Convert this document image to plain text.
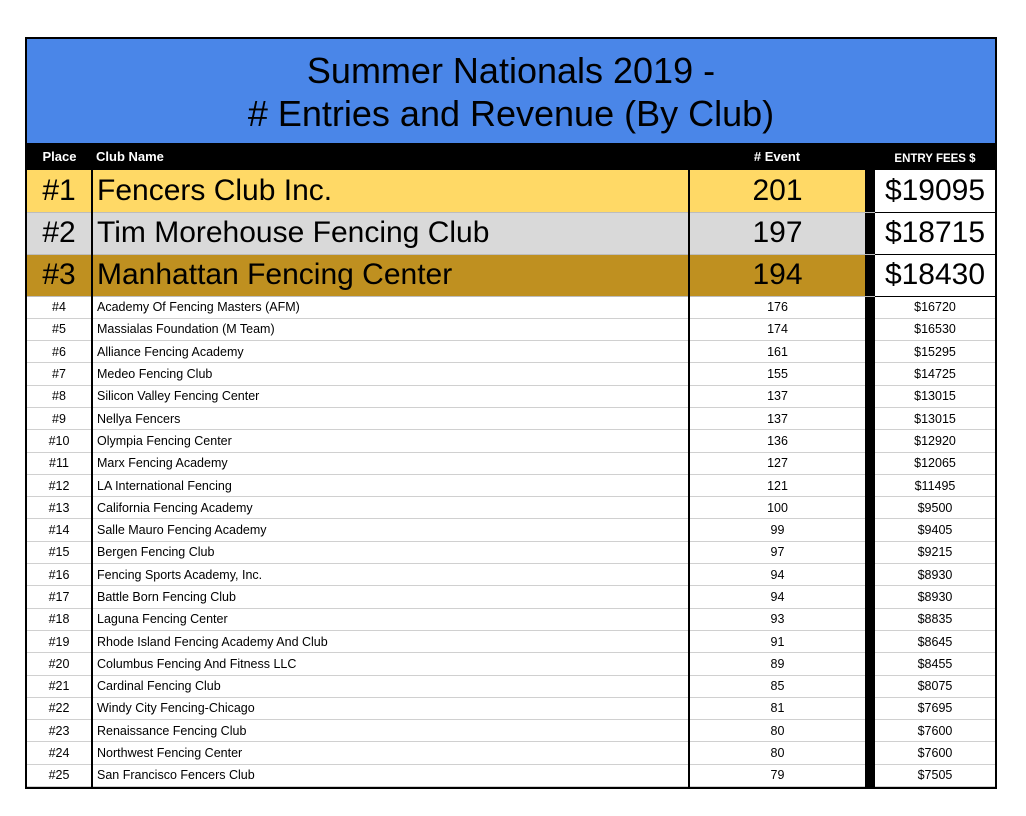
Summer Nationals 2019 -
# Entries and Revenue (By Club)
Place	Club Name	# Event		ENTRY FEES $
#1	Fencers Club Inc.	201		$19095
#2	Tim Morehouse Fencing Club	197		$18715
#3	Manhattan Fencing Center	194		$18430
#4	Academy Of Fencing Masters (AFM)	176		$16720
#5	Massialas Foundation (M Team)	174		$16530
#6	Alliance Fencing Academy	161		$15295
#7	Medeo Fencing Club	155		$14725
#8	Silicon Valley Fencing Center	137		$13015
#9	Nellya Fencers	137		$13015
#10	Olympia Fencing Center	136		$12920
#11	Marx Fencing Academy	127		$12065
#12	LA International Fencing	121		$11495
#13	California Fencing Academy	100		$9500
#14	Salle Mauro Fencing Academy	99		$9405
#15	Bergen Fencing Club	97		$9215
#16	Fencing Sports Academy, Inc.	94		$8930
#17	Battle Born Fencing Club	94		$8930
#18	Laguna Fencing Center	93		$8835
#19	Rhode Island Fencing Academy And Club	91		$8645
#20	Columbus Fencing And Fitness LLC	89		$8455
#21	Cardinal Fencing Club	85		$8075
#22	Windy City Fencing-Chicago	81		$7695
#23	Renaissance Fencing Club	80		$7600
#24	Northwest Fencing Center	80		$7600
#25	San Francisco Fencers Club	79		$7505
